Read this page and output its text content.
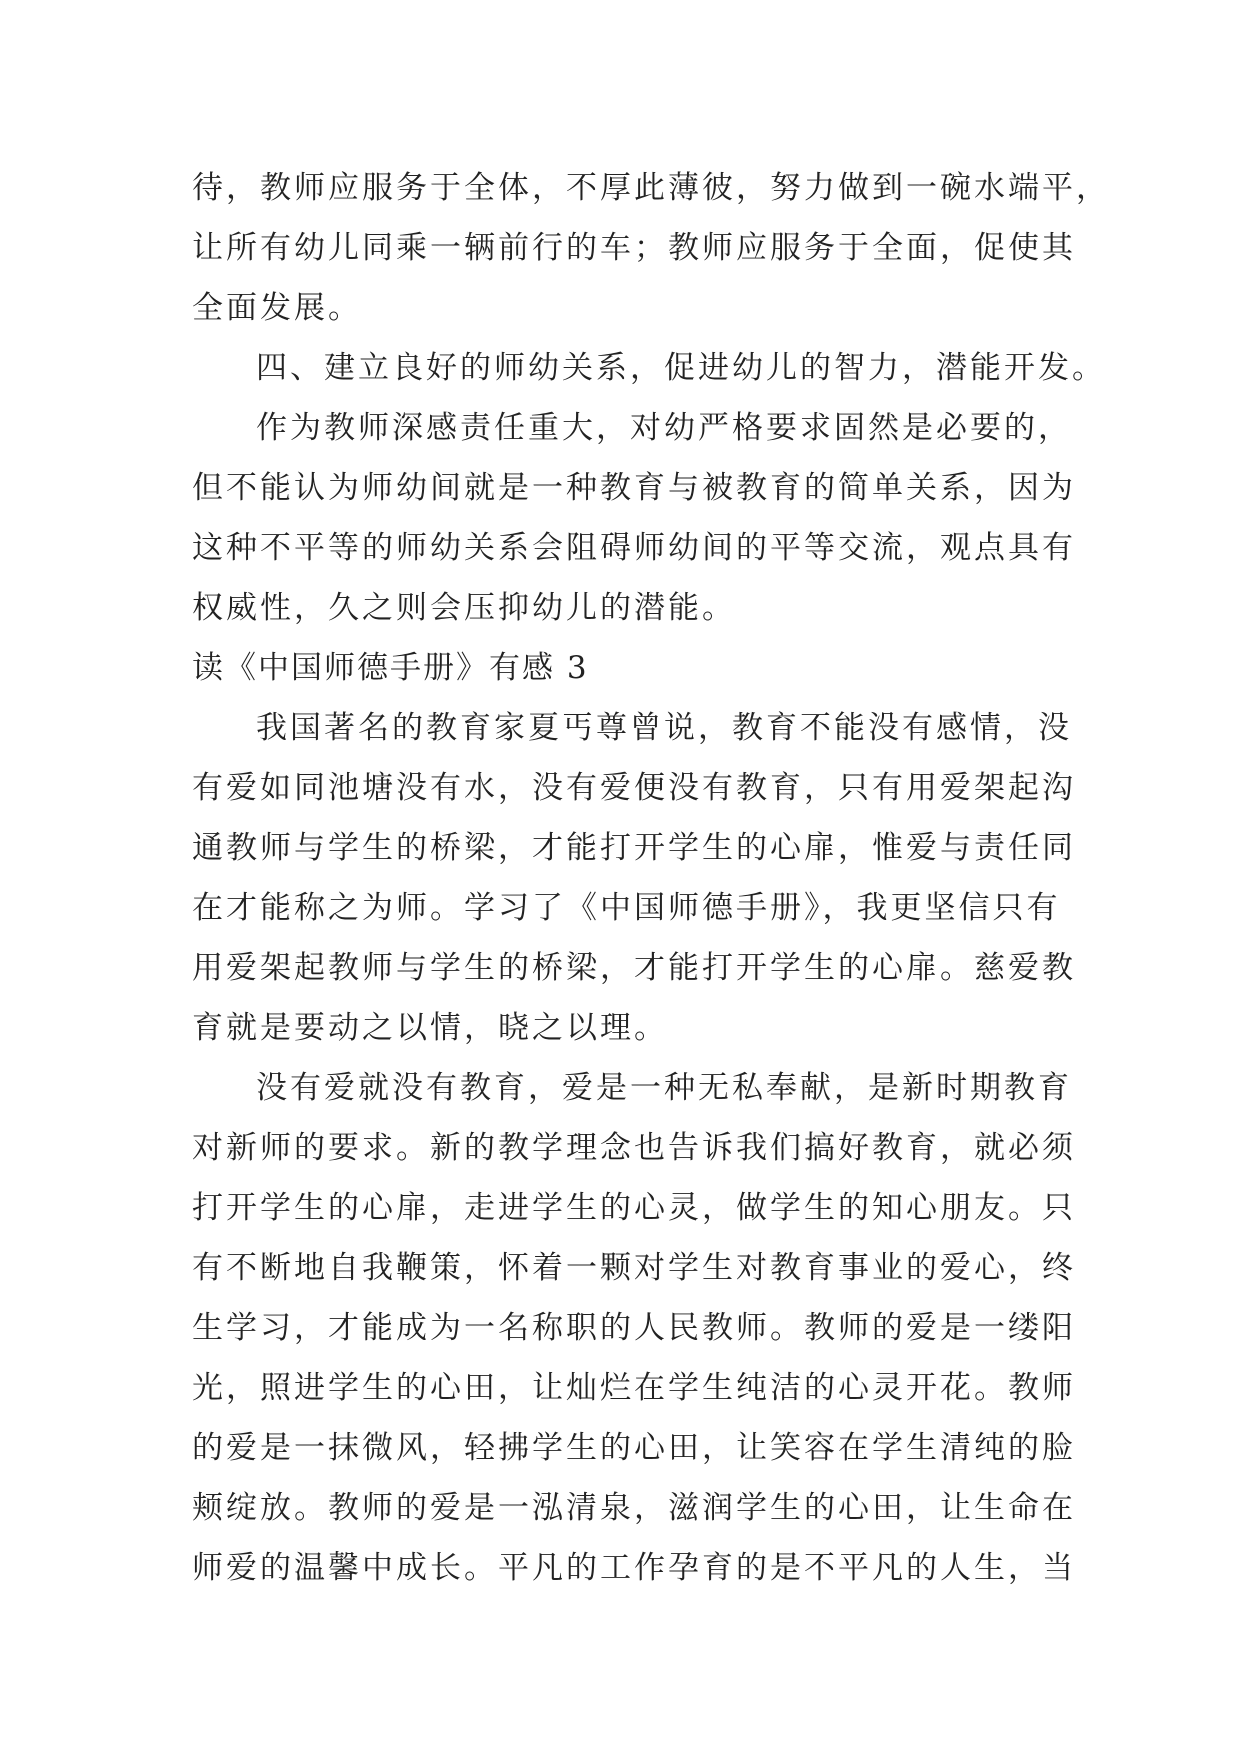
待，教师应服务于全体，不厚此薄彼，努力做到一碗水端平，
让所有幼儿同乘一辆前行的车；教师应服务于全面，促使其
全面发展。
四、建立良好的师幼关系，促进幼儿的智力，潜能开发。
作为教师深感责任重大，对幼严格要求固然是必要的，
但不能认为师幼间就是一种教育与被教育的简单关系，因为
这种不平等的师幼关系会阻碍师幼间的平等交流，观点具有
权威性，久之则会压抑幼儿的潜能。
读《中国师德手册》有感 3
我国著名的教育家夏丐尊曾说，教育不能没有感情，没
有爱如同池塘没有水，没有爱便没有教育，只有用爱架起沟
通教师与学生的桥梁，才能打开学生的心扉，惟爱与责任同
在才能称之为师。学习了《中国师德手册》，我更坚信只有
用爱架起教师与学生的桥梁，才能打开学生的心扉。慈爱教
育就是要动之以情，晓之以理。
没有爱就没有教育，爱是一种无私奉献，是新时期教育
对新师的要求。新的教学理念也告诉我们搞好教育，就必须
打开学生的心扉，走进学生的心灵，做学生的知心朋友。只
有不断地自我鞭策，怀着一颗对学生对教育事业的爱心，终
生学习，才能成为一名称职的人民教师。教师的爱是一缕阳
光，照进学生的心田，让灿烂在学生纯洁的心灵开花。教师
的爱是一抹微风，轻拂学生的心田，让笑容在学生清纯的脸
颊绽放。教师的爱是一泓清泉，滋润学生的心田，让生命在
师爱的温馨中成长。平凡的工作孕育的是不平凡的人生，当
